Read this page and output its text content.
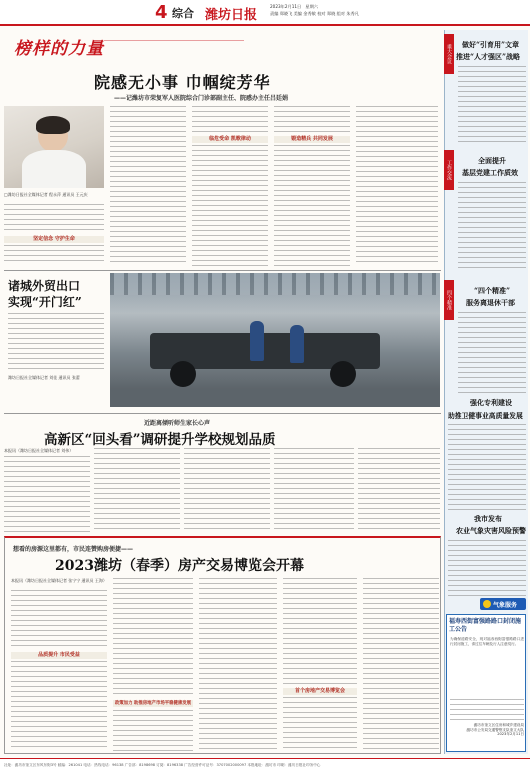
4 综合 潍坊日报
2023年2月11日　星期六
责编 郑晓飞 美编 金秀敏 校对 郑晓 组对 朱秀凡
榜样的力量
院感无小事 巾帼绽芳华
——记潍坊市荣复军人医院综合门诊部副主任、院感办主任吕廷娟
□潍坊日报社全媒体记者 程永萍 通讯员 王元庆
坚定信念 守护生命
临危受命 凯歌律动	锻造精兵 共同发展
诸城外贸出口
实现“开门红”
潍坊日报社全媒体记者 刘佳 通讯员 张蕾
近距离倾听师生家长心声
高新区“回头看”调研提升学校规划品质
本报讯（潍坊日报社全媒体记者 刘伟）
想看的房源这里都有，市民连赞购房便捷——
2023潍坊（春季）房产交易博览会开幕
本报讯（潍坊日报社全媒体记者 张宁宁 通讯员 王海）
品质提升 市民受益
政策加力 助推房地产市场平稳健康发展
首个房地产交易博览会
重大会议
工作交流
四个精准
做好“引育用”文章
推进“人才强区”战略
全面提升
基层党建工作质效
“四个精准”
服务离退休干部
强化专利建设
助推卫健事业高质量发展
我市发布
农业气象灾害风险预警
气象服务
福寿西街富强路路口封闭施工公告
为确保道路安全，现对福寿西街富强路路口进行封闭施工，请过往车辆及行人注意绕行。
潍坊市奎文区住房和城乡建设局
潍坊市公安局交通警察支队奎文大队
2023年2月11日
社址：潍坊市奎文区东风东街3号 邮编：261041 电话：热线电话：96138 广告部：8198698 订阅：8196338 广告经营许可证号：3707002000097 本报地址：潍坊市 印刷：潍坊日报社印务中心
